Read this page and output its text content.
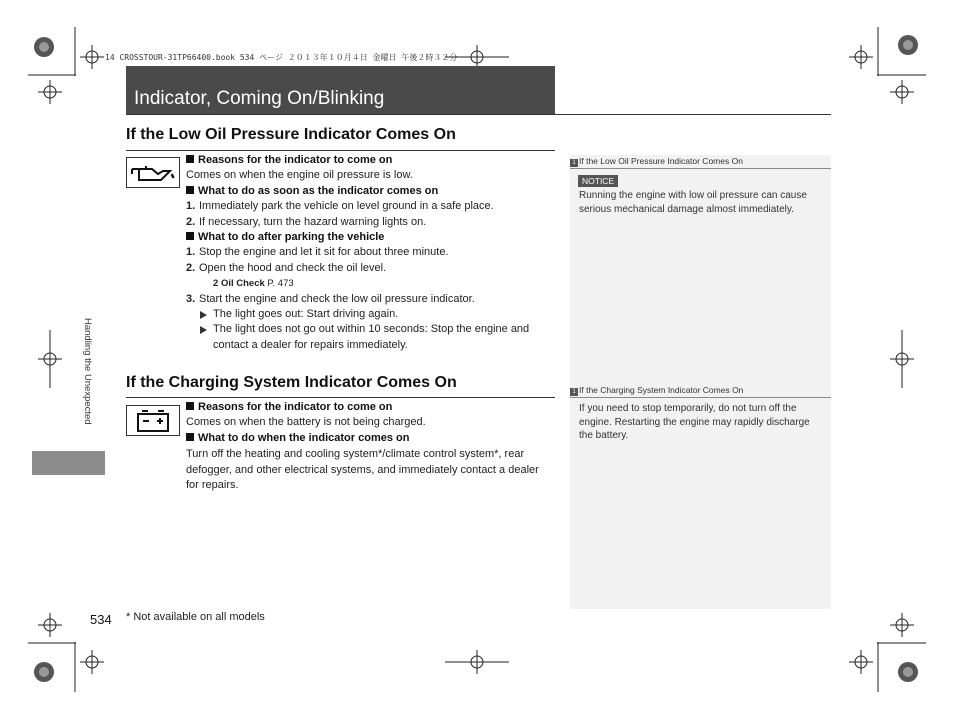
14 CROSSTOUR-31TP66400.book 534 ページ ２０１３年１０月４日 金曜日 午後２時３２分
Indicator, Coming On/Blinking
Handling the Unexpected
If the Low Oil Pressure Indicator Comes On
Reasons for the indicator to come on
Comes on when the engine oil pressure is low.
What to do as soon as the indicator comes on
1. Immediately park the vehicle on level ground in a safe place.
2. If necessary, turn the hazard warning lights on.
What to do after parking the vehicle
1. Stop the engine and let it sit for about three minute.
2. Open the hood and check the oil level.
2 Oil Check P. 473
3. Start the engine and check the low oil pressure indicator.
The light goes out: Start driving again.
The light does not go out within 10 seconds: Stop the engine and
contact a dealer for repairs immediately.
If the Charging System Indicator Comes On
Reasons for the indicator to come on
Comes on when the battery is not being charged.
What to do when the indicator comes on
Turn off the heating and cooling system*/climate control system*, rear
defogger, and other electrical systems, and immediately contact a dealer
for repairs.
1 If the Low Oil Pressure Indicator Comes On
NOTICE
Running the engine with low oil pressure can cause
serious mechanical damage almost immediately.
1 If the Charging System Indicator Comes On
If you need to stop temporarily, do not turn off the
engine. Restarting the engine may rapidly discharge
the battery.
534 * Not available on all models
